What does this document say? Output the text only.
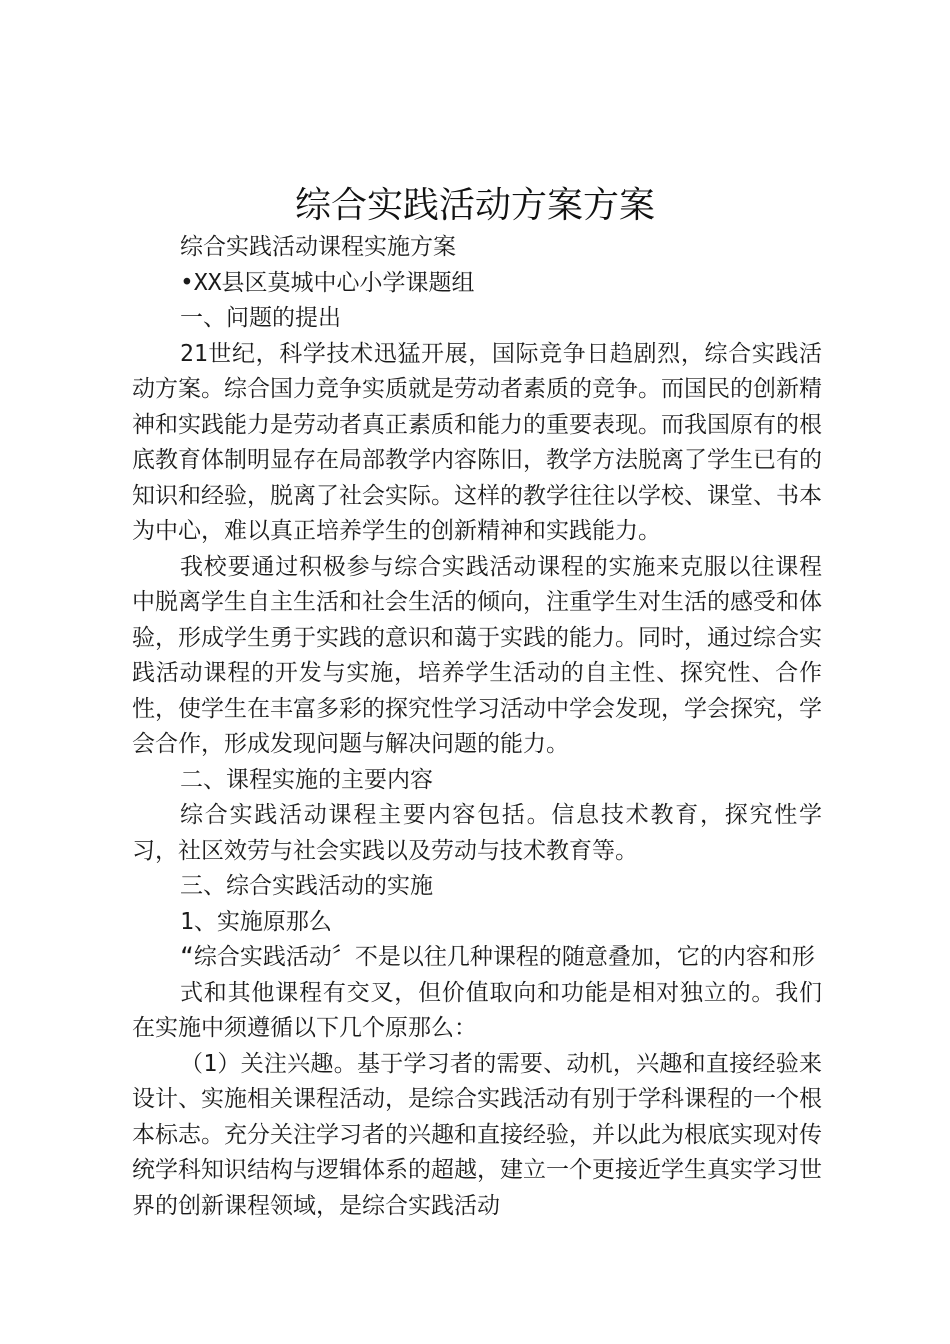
综合实践活动方案方案

综合实践活动课程实施方案

•XX县区莫城中心小学课题组

一、问题的提出

21世纪，科学技术迅猛开展，国际竞争日趋剧烈，综合实践活动方案。综合国力竞争实质就是劳动者素质的竞争。而国民的创新精神和实践能力是劳动者真正素质和能力的重要表现。而我国原有的根底教育体制明显存在局部教学内容陈旧，教学方法脱离了学生已有的知识和经验，脱离了社会实际。这样的教学往往以学校、课堂、书本为中心，难以真正培养学生的创新精神和实践能力。

我校要通过积极参与综合实践活动课程的实施来克服以往课程中脱离学生自主生活和社会生活的倾向，注重学生对生活的感受和体验，形成学生勇于实践的意识和蔼于实践的能力。同时，通过综合实践活动课程的开发与实施，培养学生活动的自主性、探究性、合作性，使学生在丰富多彩的探究性学习活动中学会发现，学会探究，学会合作，形成发现问题与解决问题的能力。

二、课程实施的主要内容

综合实践活动课程主要内容包括。信息技术教育，探究性学习，社区效劳与社会实践以及劳动与技术教育等。

三、综合实践活动的实施

1、实施原那么

“综合实践活动〞不是以往几种课程的随意叠加，它的内容和形

式和其他课程有交叉，但价值取向和功能是相对独立的。我们在实施中须遵循以下几个原那么：

（1）关注兴趣。基于学习者的需要、动机，兴趣和直接经验来设计、实施相关课程活动，是综合实践活动有别于学科课程的一个根本标志。充分关注学习者的兴趣和直接经验，并以此为根底实现对传统学科知识结构与逻辑体系的超越，建立一个更接近学生真实学习世界的创新课程领域，是综合实践活动
